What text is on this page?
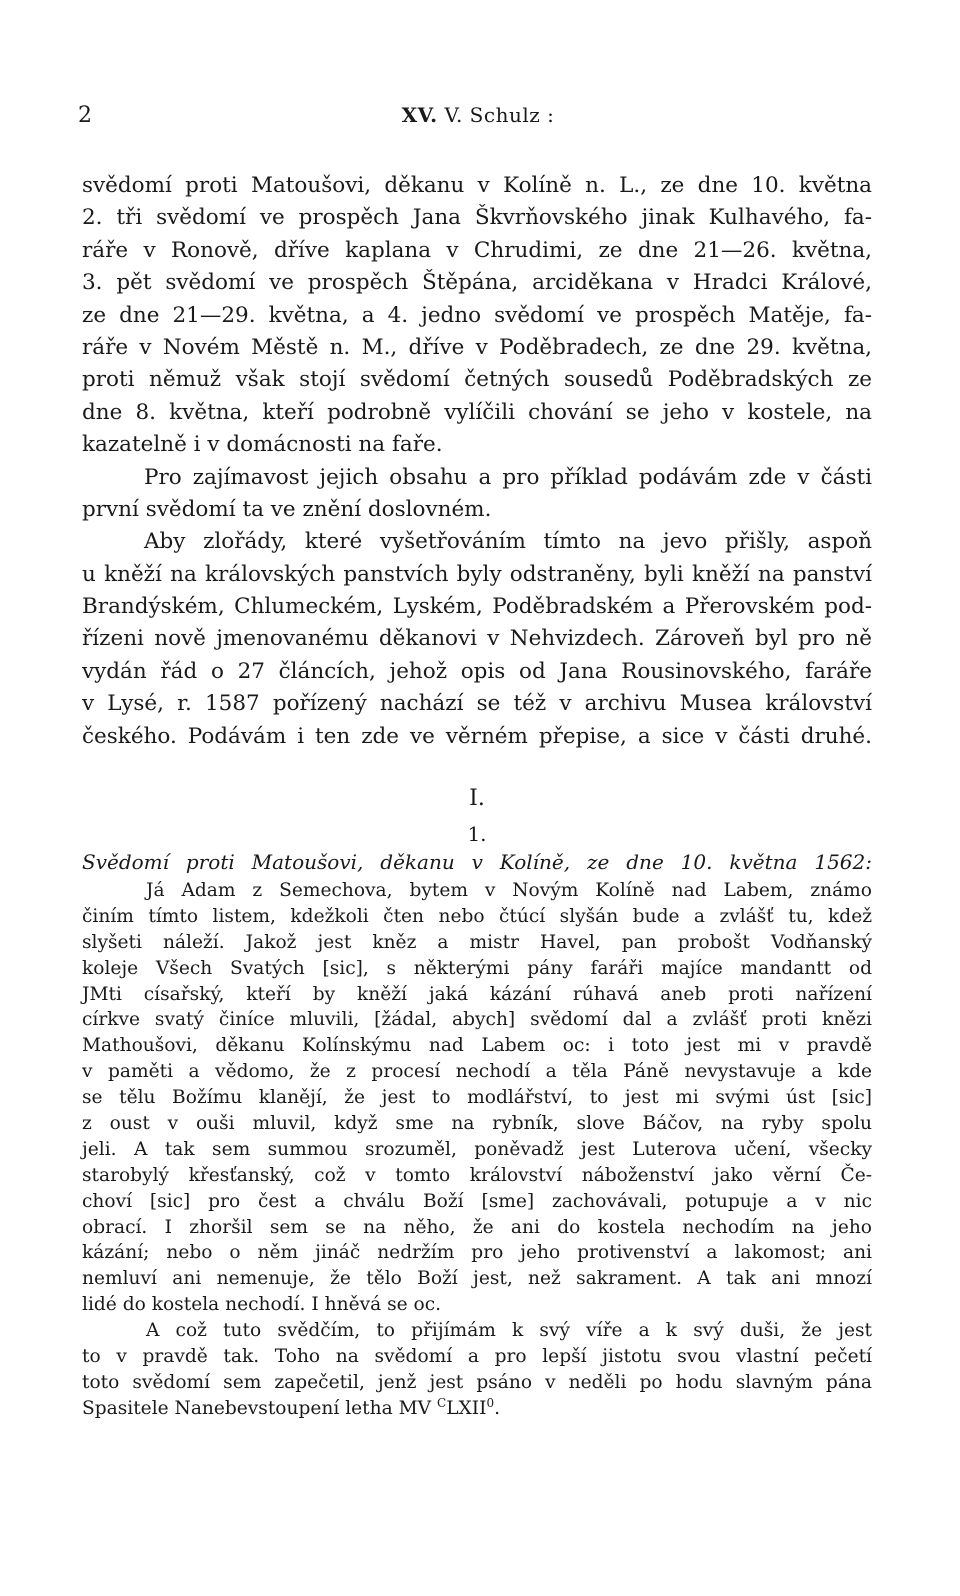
2	XV. V. Schulz :
svědomí proti Matoušovi, děkanu v Kolíně n. L., ze dne 10. května
2. tři svědomí ve prospěch Jana Škvrňovského jinak Kulhavého, fa-
ráře v Ronově, dříve kaplana v Chrudimi, ze dne 21—26. května,
3. pět svědomí ve prospěch Štěpána, arciděkana v Hradci Králové,
ze dne 21—29. května, a 4. jedno svědomí ve prospěch Matěje, fa-
ráře v Novém Městě n. M., dříve v Poděbradech, ze dne 29. května,
proti němuž však stojí svědomí četných sousedů Poděbradských ze
dne 8. května, kteří podrobně vylíčili chování se jeho v kostele, na
kazatelně i v domácnosti na faře.
Pro zajímavost jejich obsahu a pro příklad podávám zde v části
první svědomí ta ve znění doslovném.
Aby zlořády, které vyšetřováním tímto na jevo přišly, aspoň
u kněží na královských panstvích byly odstraněny, byli kněží na panství
Brandýském, Chlumeckém, Lyském, Poděbradském a Přerovském pod-
řízeni nově jmenovanému děkanovi v Nehvizdech. Zároveň byl pro ně
vydán řád o 27 článcích, jehož opis od Jana Rousinovského, faráře
v Lysé, r. 1587 pořízený nachází se též v archivu Musea království
českého. Podávám i ten zde ve věrném přepise, a sice v části druhé.
I.
1.
Svědomí proti Matoušovi, děkanu v Kolíně, ze dne 10. května 1562:
Já Adam z Semechova, bytem v Novým Kolíně nad Labem, známo
činím tímto listem, kdežkoli čten nebo čtúcí slyšán bude a zvlášť tu, kdež
slyšeti náleží. Jakož jest kněz a mistr Havel, pan probošt Vodňanský
koleje Všech Svatých [sic], s některými pány faráři majíce mandantt od
JMti císařský, kteří by kněží jaká kázání rúhavá aneb proti nařízení
církve svatý činíce mluvili, [žádal, abych] svědomí dal a zvlášť proti knězi
Mathoušovi, děkanu Kolínskýmu nad Labem oc: i toto jest mi v pravdě
v paměti a vědomo, že z procesí nechodí a těla Páně nevystavuje a kde
se tělu Božímu klanějí, že jest to modlářství, to jest mi svými úst [sic]
z oust v ouši mluvil, když sme na rybník, slove Báčov, na ryby spolu
jeli. A tak sem summou srozuměl, poněvadž jest Luterova učení, všecky
starobylý křesťanský, což v tomto království náboženství jako věrní Če-
choví [sic] pro čest a chválu Boží [sme] zachovávali, potupuje a v nic
obrací. I zhoršil sem se na něho, že ani do kostela nechodím na jeho
kázání; nebo o něm jináč nedržím pro jeho protivenství a lakomost; ani
nemluví ani nemenuje, že tělo Boží jest, než sakrament. A tak ani mnozí
lidé do kostela nechodí. I hněvá se oc.
A což tuto svědčím, to přijímám k svý víře a k svý duši, že jest
to v pravdě tak. Toho na svědomí a pro lepší jistotu svou vlastní pečetí
toto svědomí sem zapečetil, jenž jest psáno v neděli po hodu slavným pána
Spasitele Nanebevstoupení letha MV $^C$LXII$^0$.
